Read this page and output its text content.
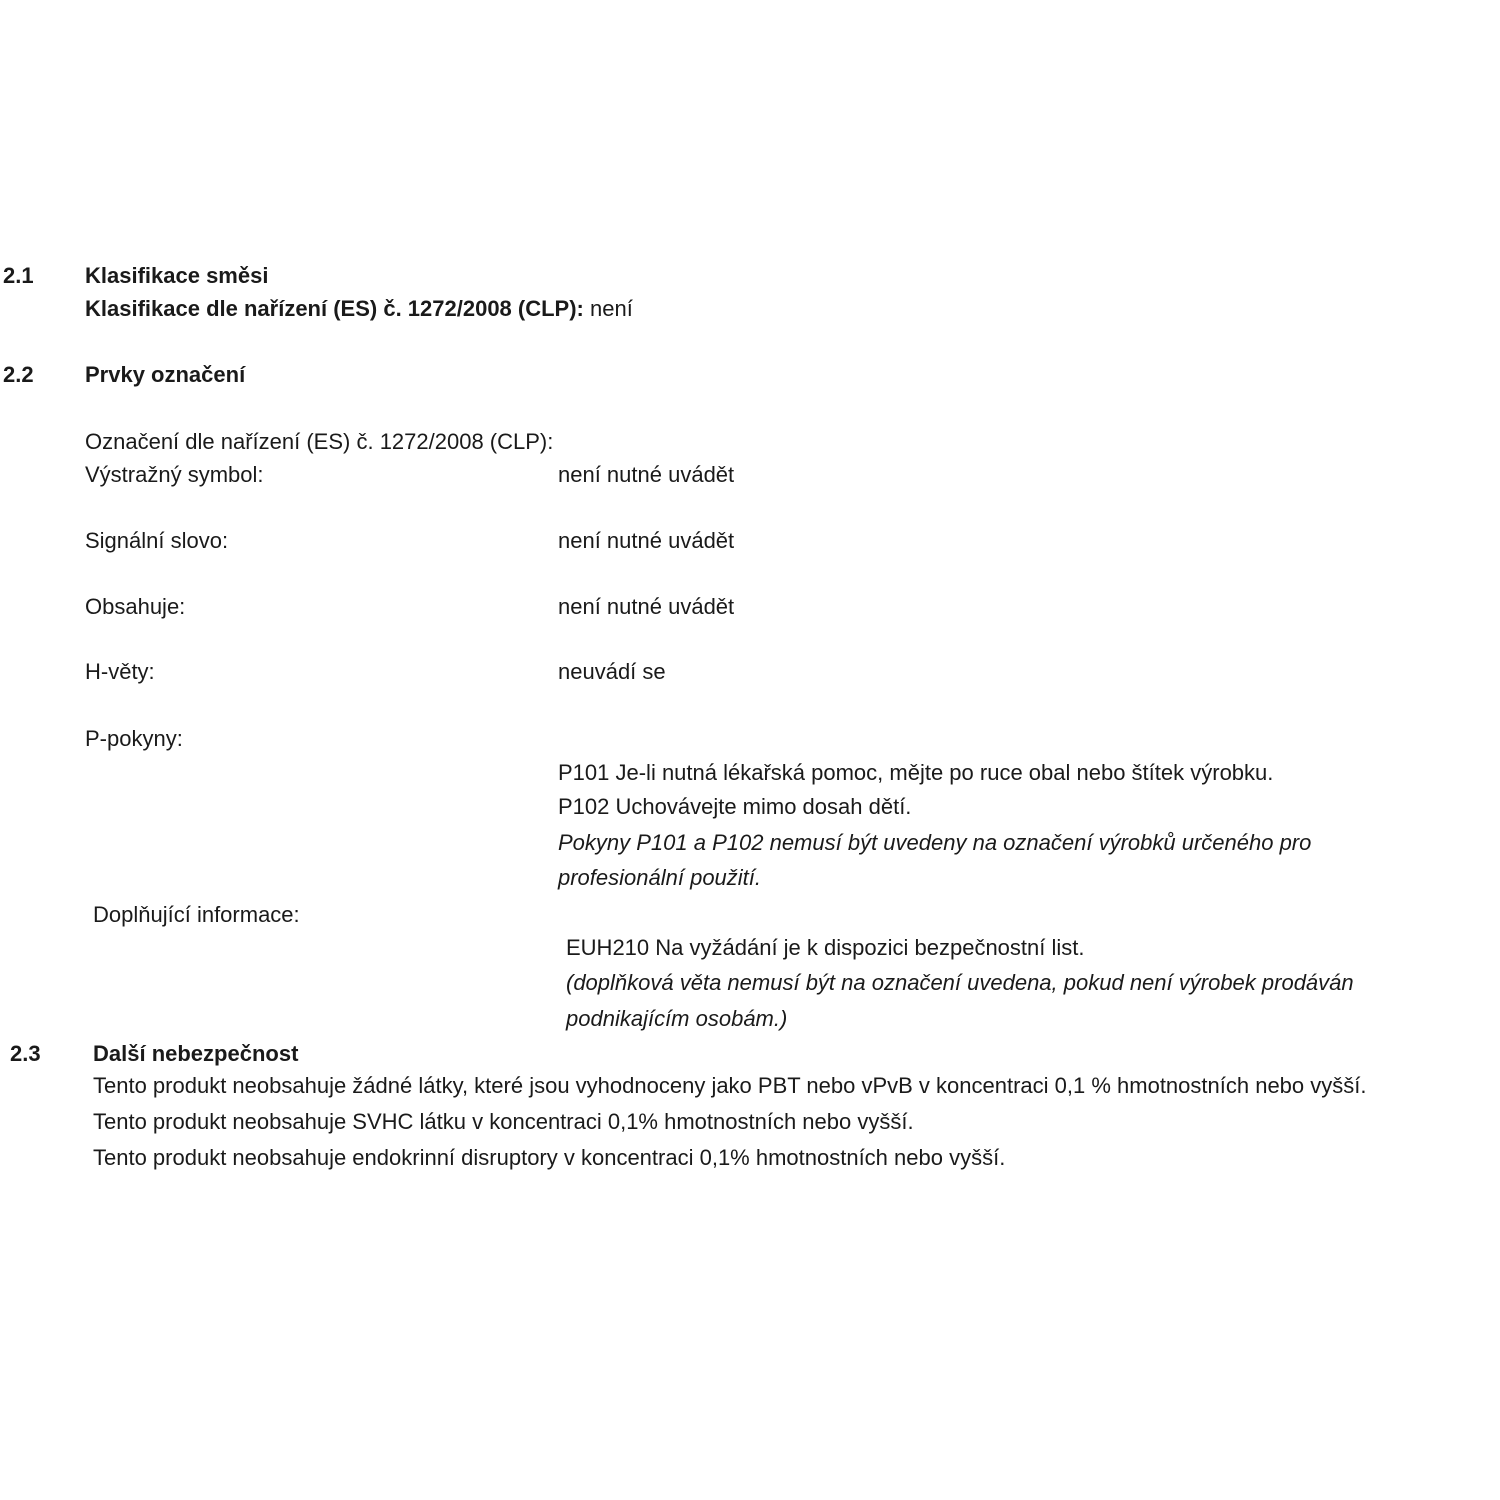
2.1 Klasifikace směsi
Klasifikace dle nařízení (ES) č. 1272/2008 (CLP): není
2.2 Prvky označení
Označení dle nařízení (ES) č. 1272/2008 (CLP):
Výstražný symbol:	není nutné uvádět
Signální slovo:	není nutné uvádět
Obsahuje:	není nutné uvádět
H-věty:	neuvádí se
P-pokyny:
P101 Je-li nutná lékařská pomoc, mějte po ruce obal nebo štítek výrobku.
P102 Uchovávejte mimo dosah dětí.
Pokyny P101 a P102 nemusí být uvedeny na označení výrobků určeného pro
profesionální použití.
Doplňující informace:
EUH210 Na vyžádání je k dispozici bezpečnostní list.
(doplňková věta nemusí být na označení uvedena, pokud není výrobek prodáván
podnikajícím osobám.)
2.3 Další nebezpečnost
Tento produkt neobsahuje žádné látky, které jsou vyhodnoceny jako PBT nebo vPvB v koncentraci 0,1 % hmotnostních nebo vyšší.
Tento produkt neobsahuje SVHC látku v koncentraci 0,1% hmotnostních nebo vyšší.
Tento produkt neobsahuje endokrinní disruptory v koncentraci 0,1% hmotnostních nebo vyšší.
